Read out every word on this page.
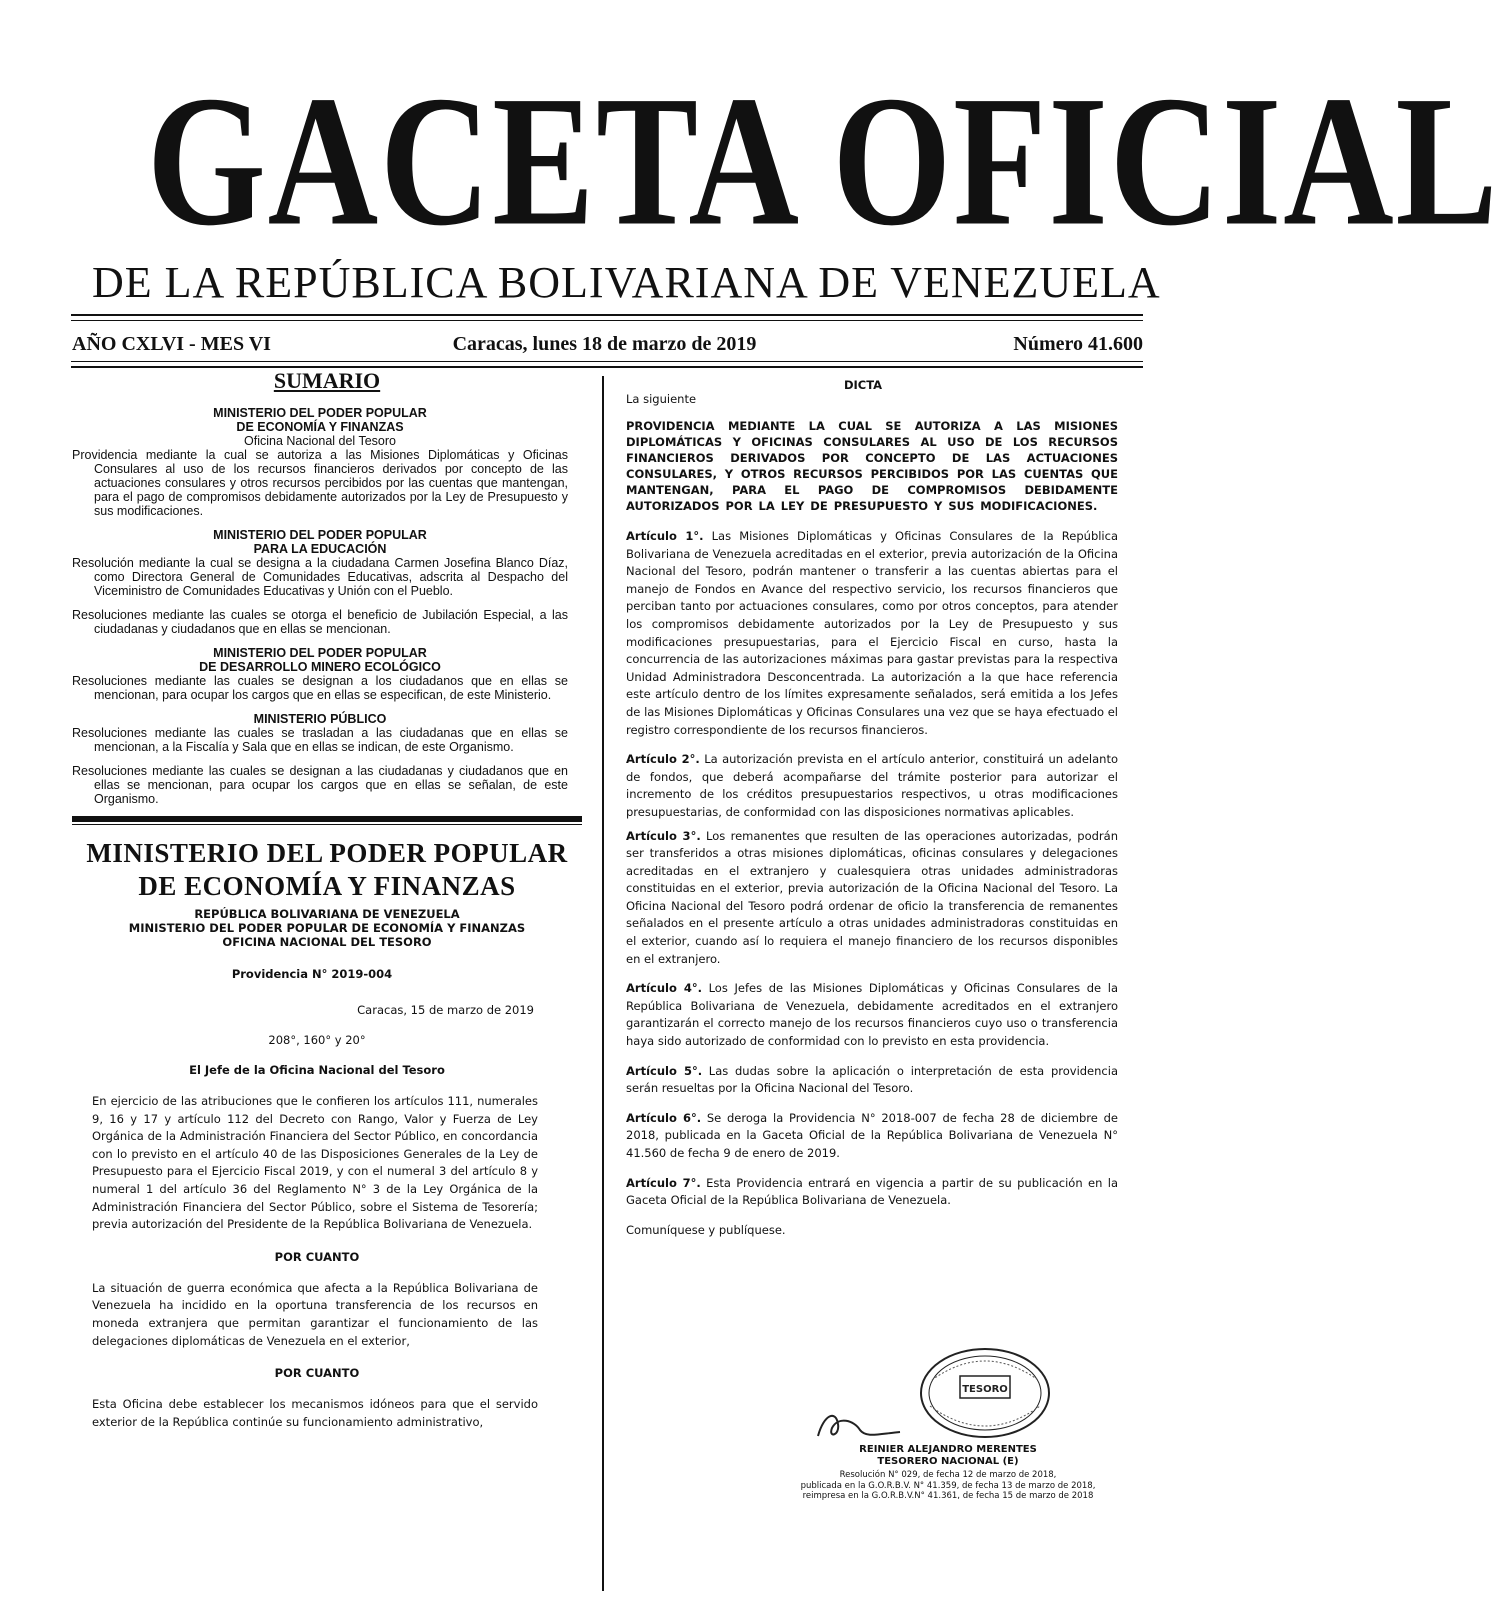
GACETA OFICIAL
DE LA REPÚBLICA BOLIVARIANA DE VENEZUELA
AÑO CXLVI - MES VI	Caracas, lunes 18 de marzo de 2019	Número 41.600
SUMARIO
MINISTERIO DEL PODER POPULAR
DE ECONOMÍA Y FINANZAS
Oficina Nacional del Tesoro

Providencia mediante la cual se autoriza a las Misiones Diplomáticas y Oficinas Consulares al uso de los recursos financieros derivados por concepto de las actuaciones consulares y otros recursos percibidos por las cuentas que mantengan, para el pago de compromisos debidamente autorizados por la Ley de Presupuesto y sus modificaciones.

MINISTERIO DEL PODER POPULAR
PARA LA EDUCACIÓN

Resolución mediante la cual se designa a la ciudadana Carmen Josefina Blanco Díaz, como Directora General de Comunidades Educativas, adscrita al Despacho del Viceministro de Comunidades Educativas y Unión con el Pueblo.

Resoluciones mediante las cuales se otorga el beneficio de Jubilación Especial, a las ciudadanas y ciudadanos que en ellas se mencionan.

MINISTERIO DEL PODER POPULAR
DE DESARROLLO MINERO ECOLÓGICO

Resoluciones mediante las cuales se designan a los ciudadanos que en ellas se mencionan, para ocupar los cargos que en ellas se especifican, de este Ministerio.

MINISTERIO PÚBLICO

Resoluciones mediante las cuales se trasladan a las ciudadanas que en ellas se mencionan, a la Fiscalía y Sala que en ellas se indican, de este Organismo.

Resoluciones mediante las cuales se designan a las ciudadanas y ciudadanos que en ellas se mencionan, para ocupar los cargos que en ellas se señalan, de este Organismo.

MINISTERIO DEL PODER POPULAR
DE ECONOMÍA Y FINANZAS
REPÚBLICA BOLIVARIANA DE VENEZUELA
MINISTERIO DEL PODER POPULAR DE ECONOMÍA Y FINANZAS
OFICINA NACIONAL DEL TESORO
Providencia N° 2019-004
Caracas, 15 de marzo de 2019
208°, 160° y 20°
El Jefe de la Oficina Nacional del Tesoro

En ejercicio de las atribuciones que le confieren los artículos 111, numerales 9, 16 y 17 y artículo 112 del Decreto con Rango, Valor y Fuerza de Ley Orgánica de la Administración Financiera del Sector Público, en concordancia con lo previsto en el artículo 40 de las Disposiciones Generales de la Ley de Presupuesto para el Ejercicio Fiscal 2019, y con el numeral 3 del artículo 8 y numeral 1 del artículo 36 del Reglamento N° 3 de la Ley Orgánica de la Administración Financiera del Sector Público, sobre el Sistema de Tesorería; previa autorización del Presidente de la República Bolivariana de Venezuela.

POR CUANTO

La situación de guerra económica que afecta a la República Bolivariana de Venezuela ha incidido en la oportuna transferencia de los recursos en moneda extranjera que permitan garantizar el funcionamiento de las delegaciones diplomáticas de Venezuela en el exterior,

POR CUANTO

Esta Oficina debe establecer los mecanismos idóneos para que el servido exterior de la República continúe su funcionamiento administrativo,

DICTA
La siguiente

PROVIDENCIA MEDIANTE LA CUAL SE AUTORIZA A LAS MISIONES DIPLOMÁTICAS Y OFICINAS CONSULARES AL USO DE LOS RECURSOS FINANCIEROS DERIVADOS POR CONCEPTO DE LAS ACTUACIONES CONSULARES, Y OTROS RECURSOS PERCIBIDOS POR LAS CUENTAS QUE MANTENGAN, PARA EL PAGO DE COMPROMISOS DEBIDAMENTE AUTORIZADOS POR LA LEY DE PRESUPUESTO Y SUS MODIFICACIONES.

Artículo 1°. Las Misiones Diplomáticas y Oficinas Consulares de la República Bolivariana de Venezuela acreditadas en el exterior, previa autorización de la Oficina Nacional del Tesoro, podrán mantener o transferir a las cuentas abiertas para el manejo de Fondos en Avance del respectivo servicio, los recursos financieros que perciban tanto por actuaciones consulares, como por otros conceptos, para atender los compromisos debidamente autorizados por la Ley de Presupuesto y sus modificaciones presupuestarias, para el Ejercicio Fiscal en curso, hasta la concurrencia de las autorizaciones máximas para gastar previstas para la respectiva Unidad Administradora Desconcentrada. La autorización a la que hace referencia este artículo dentro de los límites expresamente señalados, será emitida a los Jefes de las Misiones Diplomáticas y Oficinas Consulares una vez que se haya efectuado el registro correspondiente de los recursos financieros.

Artículo 2°. La autorización prevista en el artículo anterior, constituirá un adelanto de fondos, que deberá acompañarse del trámite posterior para autorizar el incremento de los créditos presupuestarios respectivos, u otras modificaciones presupuestarias, de conformidad con las disposiciones normativas aplicables.

Artículo 3°. Los remanentes que resulten de las operaciones autorizadas, podrán ser transferidos a otras misiones diplomáticas, oficinas consulares y delegaciones acreditadas en el extranjero y cualesquiera otras unidades administradoras constituidas en el exterior, previa autorización de la Oficina Nacional del Tesoro. La Oficina Nacional del Tesoro podrá ordenar de oficio la transferencia de remanentes señalados en el presente artículo a otras unidades administradoras constituidas en el exterior, cuando así lo requiera el manejo financiero de los recursos disponibles en el extranjero.

Artículo 4°. Los Jefes de las Misiones Diplomáticas y Oficinas Consulares de la República Bolivariana de Venezuela, debidamente acreditados en el extranjero garantizarán el correcto manejo de los recursos financieros cuyo uso o transferencia haya sido autorizado de conformidad con lo previsto en esta providencia.

Artículo 5°. Las dudas sobre la aplicación o interpretación de esta providencia serán resueltas por la Oficina Nacional del Tesoro.

Artículo 6°. Se deroga la Providencia N° 2018-007 de fecha 28 de diciembre de 2018, publicada en la Gaceta Oficial de la República Bolivariana de Venezuela N° 41.560 de fecha 9 de enero de 2019.

Artículo 7°. Esta Providencia entrará en vigencia a partir de su publicación en la Gaceta Oficial de la República Bolivariana de Venezuela.

Comuníquese y publíquese.

TESORO
REINIER ALEJANDRO MERENTES
TESORERO NACIONAL (E)
Resolución N° 029, de fecha 12 de marzo de 2018,
publicada en la G.O.R.B.V. N° 41.359, de fecha 13 de marzo de 2018,
reimpresa en la G.O.R.B.V.N° 41.361, de fecha 15 de marzo de 2018
